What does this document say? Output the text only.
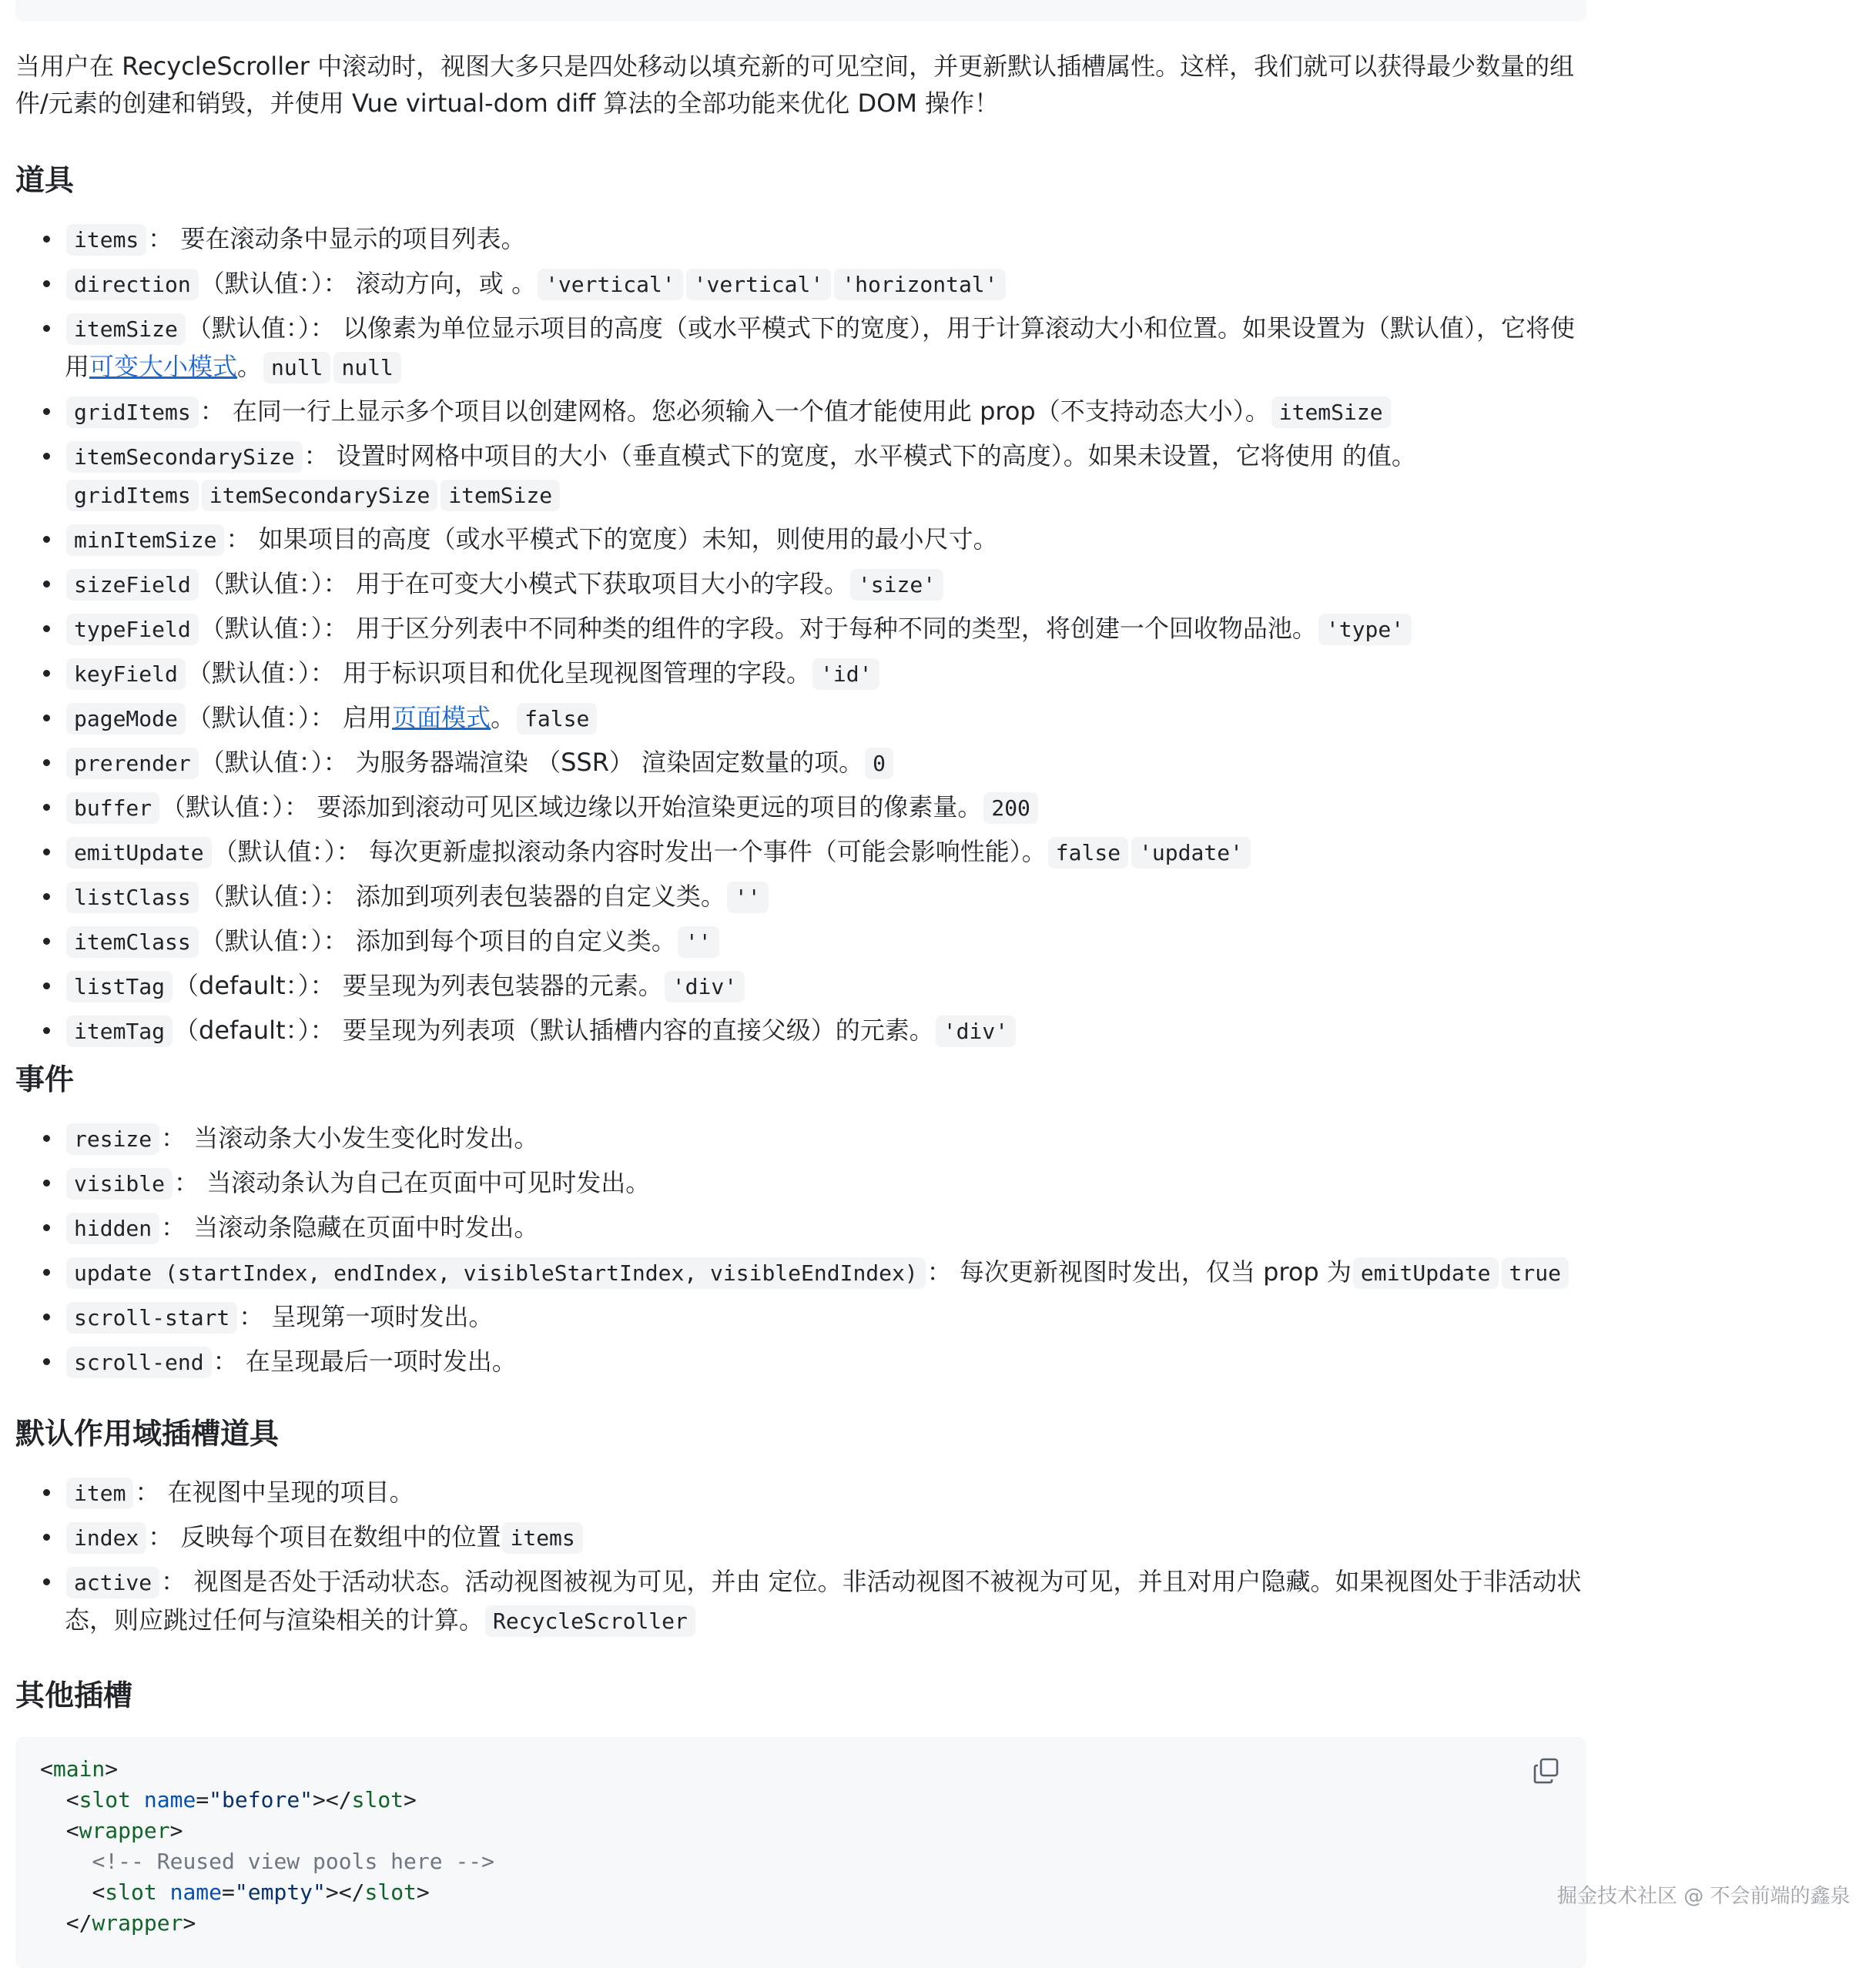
当用户在 RecycleScroller 中滚动时，视图大多只是四处移动以填充新的可见空间，并更新默认插槽属性。这样，我们就可以获得最少数量的组件/元素的创建和销毁，并使用 Vue virtual-dom diff 算法的全部功能来优化 DOM 操作！

道具
items ： 要在滚动条中显示的项目列表。
direction （默认值：）： 滚动方向，或 。 'vertical' 'vertical' 'horizontal'
itemSize （默认值：）： 以像素为单位显示项目的高度（或水平模式下的宽度），用于计算滚动大小和位置。如果设置为（默认值），它将使用可变大小模式。 null null
gridItems ： 在同一行上显示多个项目以创建网格。您必须输入一个值才能使用此 prop（不支持动态大小）。 itemSize
itemSecondarySize ： 设置时网格中项目的大小（垂直模式下的宽度，水平模式下的高度）。如果未设置，它将使用 的值。gridItems itemSecondarySize itemSize
minItemSize ： 如果项目的高度（或水平模式下的宽度）未知，则使用的最小尺寸。
sizeField （默认值：）： 用于在可变大小模式下获取项目大小的字段。 'size'
typeField （默认值：）： 用于区分列表中不同种类的组件的字段。对于每种不同的类型，将创建一个回收物品池。 'type'
keyField （默认值：）： 用于标识项目和优化呈现视图管理的字段。 'id'
pageMode （默认值：）： 启用页面模式。 false
prerender （默认值：）： 为服务器端渲染 （SSR） 渲染固定数量的项。 0
buffer （默认值：）： 要添加到滚动可见区域边缘以开始渲染更远的项目的像素量。 200
emitUpdate （默认值：）： 每次更新虚拟滚动条内容时发出一个事件（可能会影响性能）。 false 'update'
listClass （默认值：）： 添加到项列表包装器的自定义类。 ''
itemClass （默认值：）： 添加到每个项目的自定义类。 ''
listTag （default：）： 要呈现为列表包装器的元素。 'div'
itemTag （default：）： 要呈现为列表项（默认插槽内容的直接父级）的元素。 'div'
事件
resize ： 当滚动条大小发生变化时发出。
visible ： 当滚动条认为自己在页面中可见时发出。
hidden ： 当滚动条隐藏在页面中时发出。
update (startIndex, endIndex, visibleStartIndex, visibleEndIndex) ： 每次更新视图时发出，仅当 prop 为 emitUpdate true
scroll-start ： 呈现第一项时发出。
scroll-end ： 在呈现最后一项时发出。
默认作用域插槽道具
item ： 在视图中呈现的项目。
index ： 反映每个项目在数组中的位置 items
active ： 视图是否处于活动状态。活动视图被视为可见，并由 定位。非活动视图不被视为可见，并且对用户隐藏。如果视图处于非活动状态，则应跳过任何与渲染相关的计算。 RecycleScroller
其他插槽
<main>
<slot name="before"></slot>
<wrapper>
<!-- Reused view pools here -->
<slot name="empty"></slot>
</wrapper>
掘金技术社区 @ 不会前端的鑫泉
